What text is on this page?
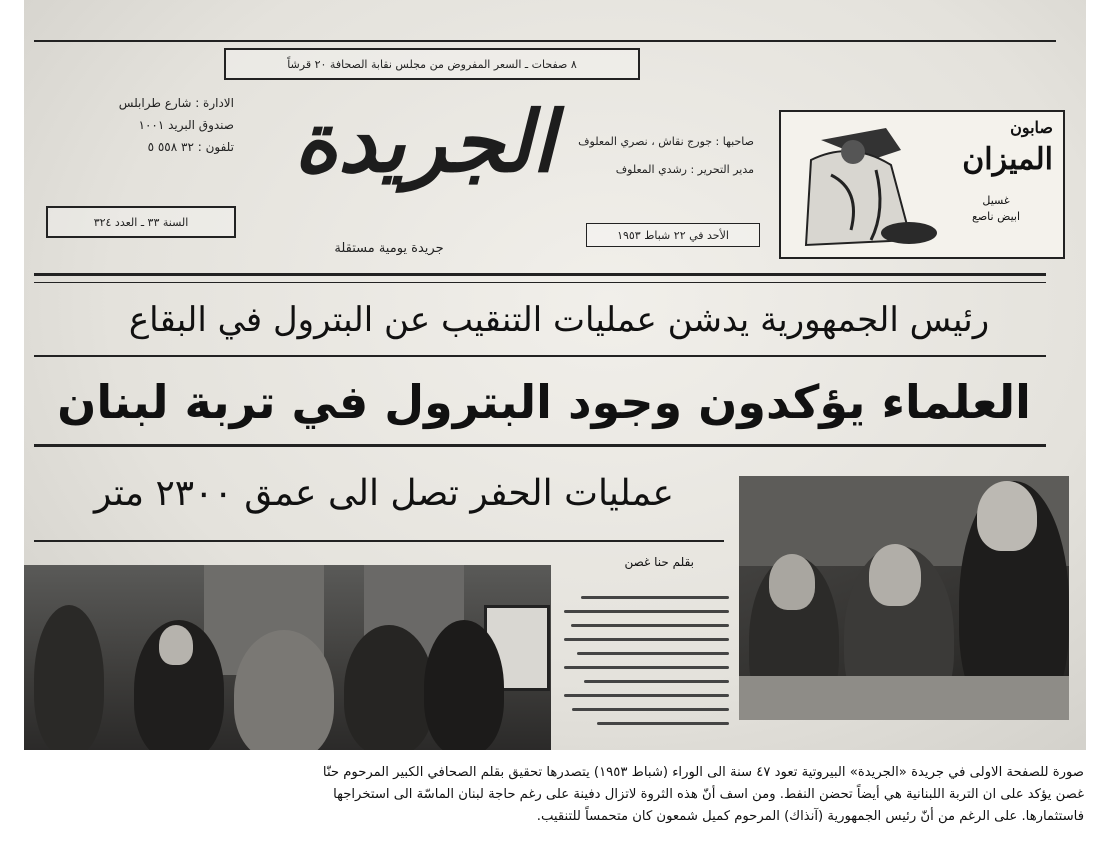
٨ صفحات ـ السعر المفروض من مجلس نقابة الصحافة ٢٠ قرشاً
الادارة : شارع طرابلس
صندوق البريد ١٠٠١
تلفون : ٣٢ ٥٥٨ ٥
السنة ٣٣ ـ العدد ٣٢٤
الجريدة
جريدة يومية مستقلة
صاحبها : جورج نقاش ، نصري المعلوف
مدير التحرير : رشدي المعلوف
الأحد في ٢٢ شباط ١٩٥٣
صابون
الميزان
غسيل
ابيض ناصع
رئيس الجمهورية يدشن عمليات التنقيب عن البترول في البقاع
العلماء يؤكدون وجود البترول في تربة لبنان
عمليات الحفر تصل الى عمق ٢٣٠٠ متر
بقلم حنا غصن
صورة للصفحة الاولى في جريدة «الجريدة» البيروتية تعود ٤٧ سنة الى الوراء (شباط ١٩٥٣) يتصدرها تحقيق بقلم الصحافي الكبير المرحوم حنّا
غصن يؤكد على ان التربة اللبنانية هي أيضاً تحضن النفط. ومن اسف أنّ هذه الثروة لاتزال دفينة على رغم حاجة لبنان الماسّة الى استخراجها
فاستثمارها. على الرغم من أنّ رئيس الجمهورية (آنذاك) المرحوم كميل شمعون كان متحمساً للتنقيب.
